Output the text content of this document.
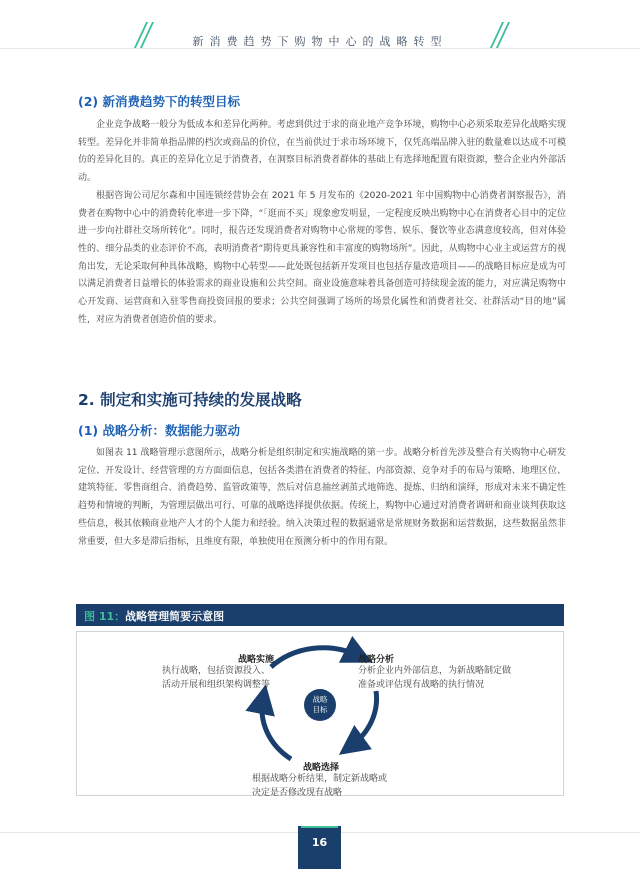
新消费趋势下购物中心的战略转型
(2) 新消费趋势下的转型目标

企业竞争战略一般分为低成本和差异化两种。考虑到供过于求的商业地产竞争环境，购物中心必须采取差异化战略实现转型。差异化并非简单指品牌的档次或商品的价位，在当前供过于求市场环境下，仅凭高端品牌入驻的数量难以达成不可模仿的差异化目的。真正的差异化立足于消费者，在洞察目标消费者群体的基础上有选择地配置有限资源，整合企业内外部活动。

根据咨询公司尼尔森和中国连锁经营协会在 2021 年 5 月发布的《2020-2021 年中国购物中心消费者洞察报告》，消费者在购物中心中的消费转化率进一步下降，“「逛而不买」现象愈发明显，一定程度反映出购物中心在消费者心目中的定位进一步向社群社交场所转化”。同时，报告还发现消费者对购物中心常规的零售、娱乐、餐饮等业态满意度较高，但对体验性的、细分品类的业态评价不高，表明消费者“期待更具兼容性和丰富度的购物场所”。因此，从购物中心业主或运营方的视角出发，无论采取何种具体战略，购物中心转型——此处既包括新开发项目也包括存量改造项目——的战略目标应是成为可以满足消费者日益增长的体验需求的商业设施和公共空间。商业设施意味着具备创造可持续现金流的能力，对应满足购物中心开发商、运营商和入驻零售商投资回报的要求；公共空间强调了场所的场景化属性和消费者社交、社群活动“目的地”属性，对应为消费者创造价值的要求。

2. 制定和实施可持续的发展战略
(1) 战略分析：数据能力驱动

如图表 11 战略管理示意图所示，战略分析是组织制定和实施战略的第一步。战略分析首先涉及整合有关购物中心研发定位、开发设计、经营管理的方方面面信息，包括各类潜在消费者的特征、内部资源、竞争对手的布局与策略、地理区位、建筑特征、零售商组合、消费趋势、监管政策等，然后对信息抽丝剥茧式地筛选、提炼、归纳和演绎，形成对未来不确定性趋势和情境的判断，为管理层做出可行、可靠的战略选择提供依据。传统上，购物中心通过对消费者调研和商业谈判获取这些信息，极其依赖商业地产人才的个人能力和经验。纳入决策过程的数据通常是常规财务数据和运营数据，这些数据虽然非常重要，但大多是滞后指标，且维度有限，单独使用在预测分析中的作用有限。

图 11：战略管理简要示意图
战略
目标
战略实施
执行战略，包括资源投入、
活动开展和组织架构调整等
战略分析
分析企业内外部信息，为新战略制定做
准备或评估现有战略的执行情况
战略选择
根据战略分析结果，制定新战略或
决定是否修改现有战略
16
